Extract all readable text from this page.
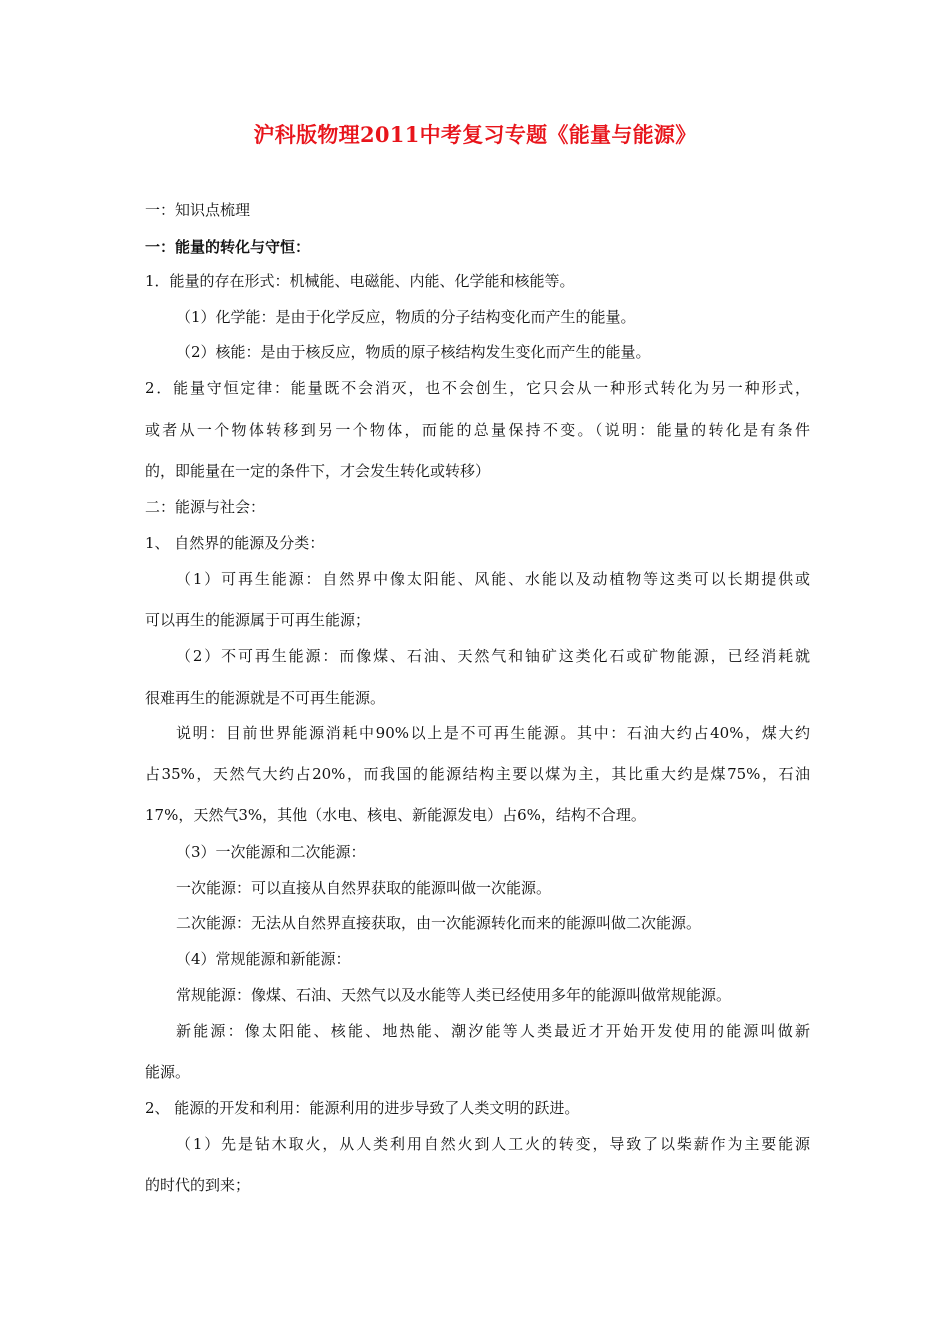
沪科版物理2011中考复习专题《能量与能源》
一：知识点梳理
一：能量的转化与守恒：
1．能量的存在形式：机械能、电磁能、内能、化学能和核能等。
（1）化学能：是由于化学反应，物质的分子结构变化而产生的能量。
（2）核能：是由于核反应，物质的原子核结构发生变化而产生的能量。
2．能量守恒定律：能量既不会消灭，也不会创生，它只会从一种形式转化为另一种形式，
或者从一个物体转移到另一个物体，而能的总量保持不变。（说明：能量的转化是有条件
的，即能量在一定的条件下，才会发生转化或转移）
二：能源与社会：
1、 自然界的能源及分类：
（1）可再生能源：自然界中像太阳能、风能、水能以及动植物等这类可以长期提供或
可以再生的能源属于可再生能源；
（2）不可再生能源：而像煤、石油、天然气和铀矿这类化石或矿物能源，已经消耗就
很难再生的能源就是不可再生能源。
说明：目前世界能源消耗中90%以上是不可再生能源。其中：石油大约占40%，煤大约
占35%，天然气大约占20%，而我国的能源结构主要以煤为主，其比重大约是煤75%，石油
17%，天然气3%，其他（水电、核电、新能源发电）占6%，结构不合理。
（3）一次能源和二次能源：
一次能源：可以直接从自然界获取的能源叫做一次能源。
二次能源：无法从自然界直接获取，由一次能源转化而来的能源叫做二次能源。
（4）常规能源和新能源：
常规能源：像煤、石油、天然气以及水能等人类已经使用多年的能源叫做常规能源。
新能源：像太阳能、核能、地热能、潮汐能等人类最近才开始开发使用的能源叫做新
能源。
2、 能源的开发和利用：能源利用的进步导致了人类文明的跃进。
（1）先是钻木取火，从人类利用自然火到人工火的转变，导致了以柴薪作为主要能源
的时代的到来；
